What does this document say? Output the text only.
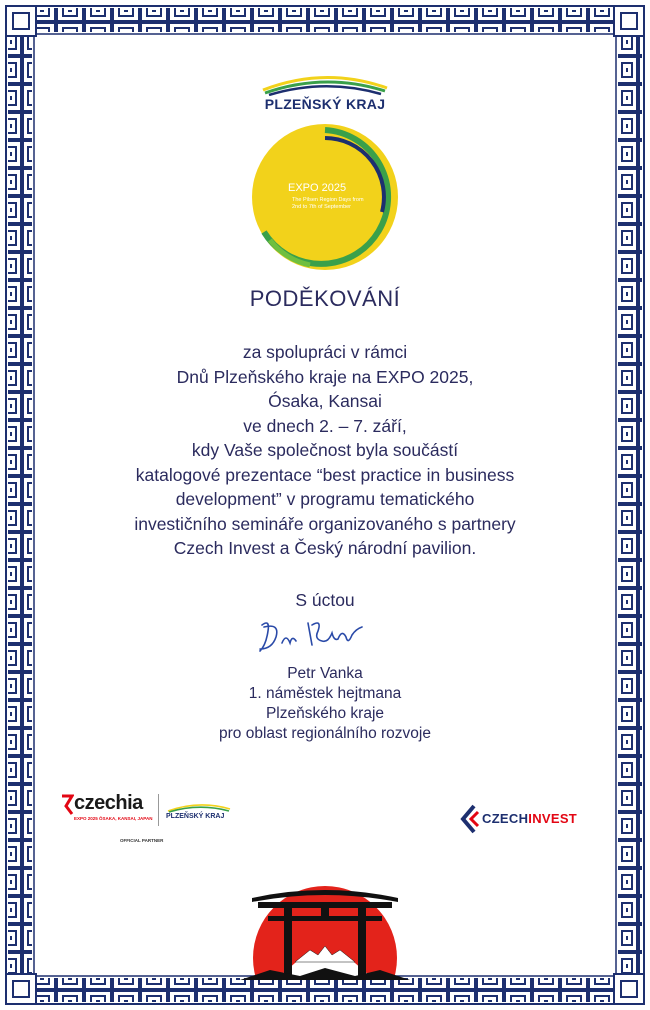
PLZEŇSKÝ KRAJ
EXPO 2025
The Pilsen Region Days from 2nd to 7th of September
PODĚKOVÁNÍ
za spolupráci v rámci
Dnů Plzeňského kraje na EXPO 2025,
Ósaka, Kansai
ve dnech 2. – 7. září,
kdy Vaše společnost byla součástí
katalogové prezentace “best practice in business
development” v programu tematického
investičního semináře organizovaného s partnery
Czech Invest a Český národní pavilion.
S úctou
Petr Vanka
1. náměstek hejtmana
Plzeňského kraje
pro oblast regionálního rozvoje
czechia
EXPO 2025 ŌSAKA, KANSAI, JAPAN PLZEŇSKÝ KRAJ
OFFICIAL PARTNER
CZECHINVEST
